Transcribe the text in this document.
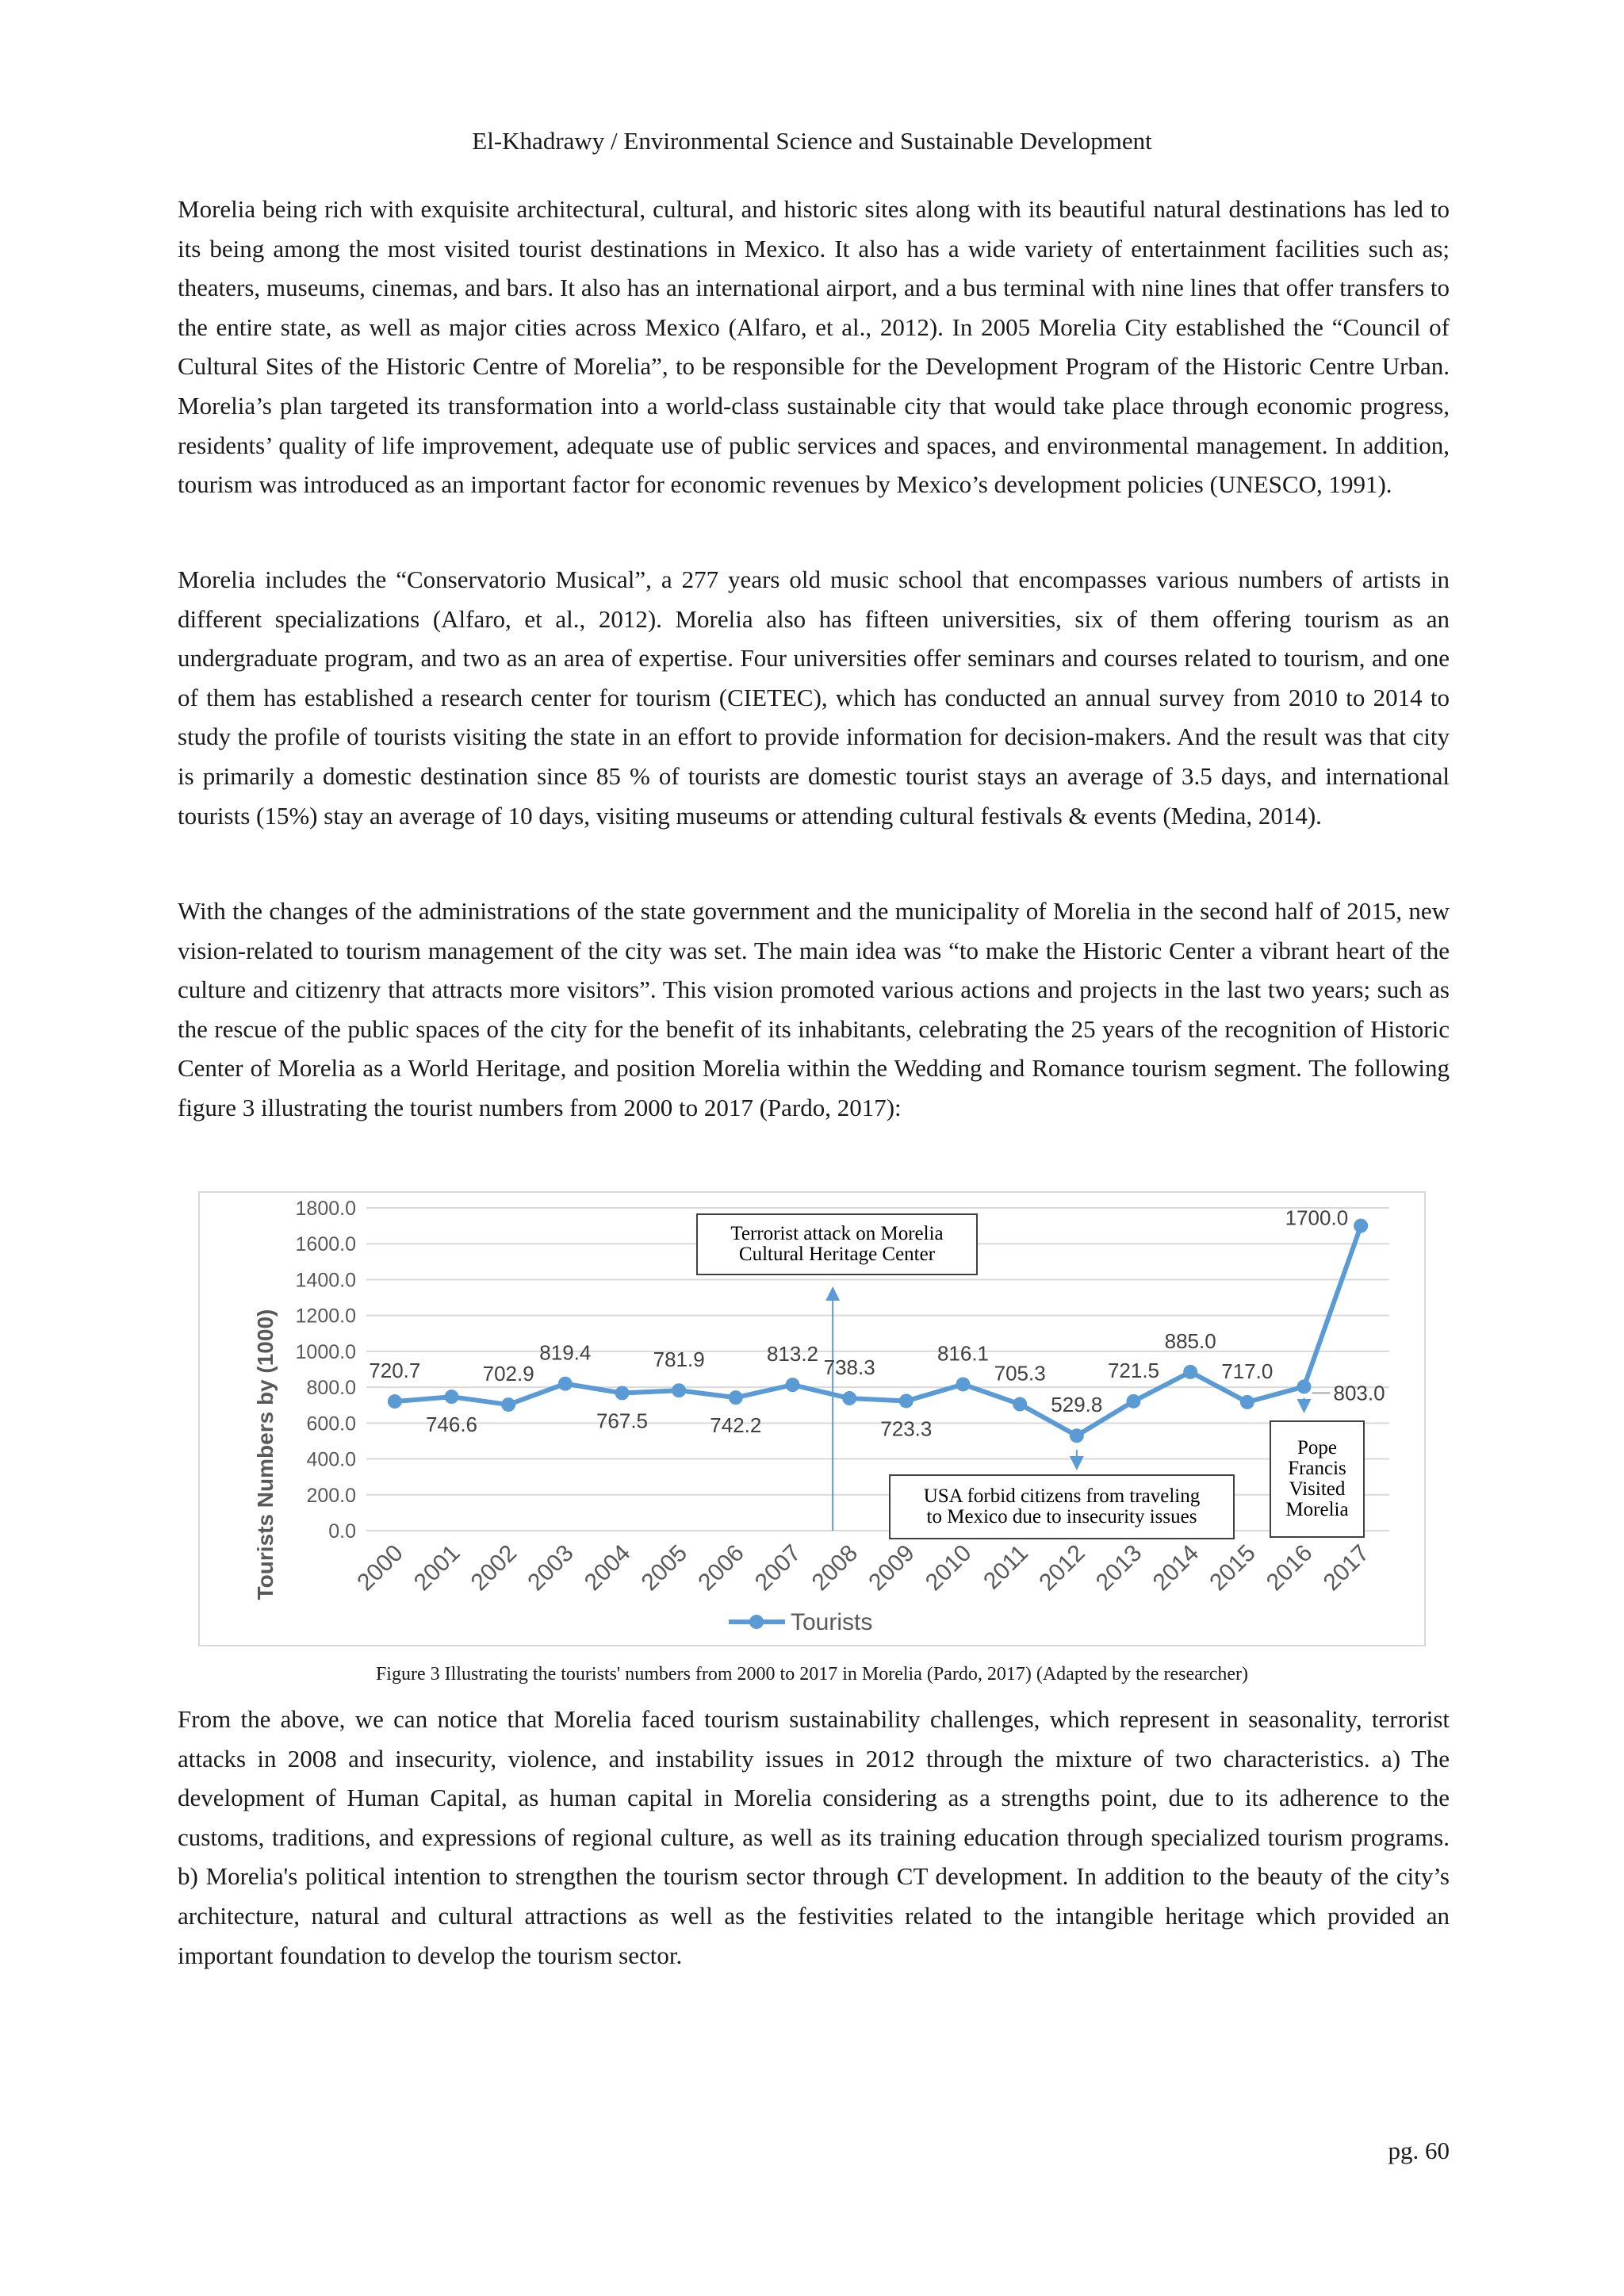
El-Khadrawy / Environmental Science and Sustainable Development

Morelia being rich with exquisite architectural, cultural, and historic sites along with its beautiful natural destinations has led to its being among the most visited tourist destinations in Mexico. It also has a wide variety of entertainment facilities such as; theaters, museums, cinemas, and bars. It also has an international airport, and a bus terminal with nine lines that offer transfers to the entire state, as well as major cities across Mexico (Alfaro, et al., 2012). In 2005 Morelia City established the “Council of Cultural Sites of the Historic Centre of Morelia”, to be responsible for the Development Program of the Historic Centre Urban. Morelia’s plan targeted its transformation into a world-class sustainable city that would take place through economic progress, residents’ quality of life improvement, adequate use of public services and spaces, and environmental management. In addition, tourism was introduced as an important factor for economic revenues by Mexico’s development policies (UNESCO, 1991).

Morelia includes the “Conservatorio Musical”, a 277 years old music school that encompasses various numbers of artists in different specializations (Alfaro, et al., 2012). Morelia also has fifteen universities, six of them offering tourism as an undergraduate program, and two as an area of expertise. Four universities offer seminars and courses related to tourism, and one of them has established a research center for tourism (CIETEC), which has conducted an annual survey from 2010 to 2014 to study the profile of tourists visiting the state in an effort to provide information for decision-makers. And the result was that city is primarily a domestic destination since 85 % of tourists are domestic tourist stays an average of 3.5 days, and international tourists (15%) stay an average of 10 days, visiting museums or attending cultural festivals & events (Medina, 2014).

With the changes of the administrations of the state government and the municipality of Morelia in the second half of 2015, new vision-related to tourism management of the city was set. The main idea was “to make the Historic Center a vibrant heart of the culture and citizenry that attracts more visitors”. This vision promoted various actions and projects in the last two years; such as the rescue of the public spaces of the city for the benefit of its inhabitants, celebrating the 25 years of the recognition of Historic Center of Morelia as a World Heritage, and position Morelia within the Wedding and Romance tourism segment. The following figure 3 illustrating the tourist numbers from 2000 to 2017 (Pardo, 2017):

0.0
200.0
400.0
600.0
800.0
1000.0
1200.0
1400.0
1600.0
1800.0
Terrorist attack on Morelia
Cultural Heritage Center
USA forbid citizens from traveling
to Mexico due to insecurity issues
Pope
Francis
Visited
Morelia
720.7
746.6
702.9
819.4
767.5
781.9
742.2
813.2
738.3
723.3
816.1
705.3
529.8
721.5
885.0
717.0
803.0
1700.0
2000 2001 2002 2003 2004 2005 2006 2007 2008 2009 2010 2011 2012 2013 2014 2015 2016 2017
Tourists Numbers by (1000)
Tourists
Figure 3 Illustrating the tourists' numbers from 2000 to 2017 in Morelia (Pardo, 2017) (Adapted by the researcher)

From the above, we can notice that Morelia faced tourism sustainability challenges, which represent in seasonality, terrorist attacks in 2008 and insecurity, violence, and instability issues in 2012 through the mixture of two characteristics. a) The development of Human Capital, as human capital in Morelia considering as a strengths point, due to its adherence to the customs, traditions, and expressions of regional culture, as well as its training education through specialized tourism programs. b) Morelia's political intention to strengthen the tourism sector through CT development. In addition to the beauty of the city’s architecture, natural and cultural attractions as well as the festivities related to the intangible heritage which provided an important foundation to develop the tourism sector.

pg. 60
